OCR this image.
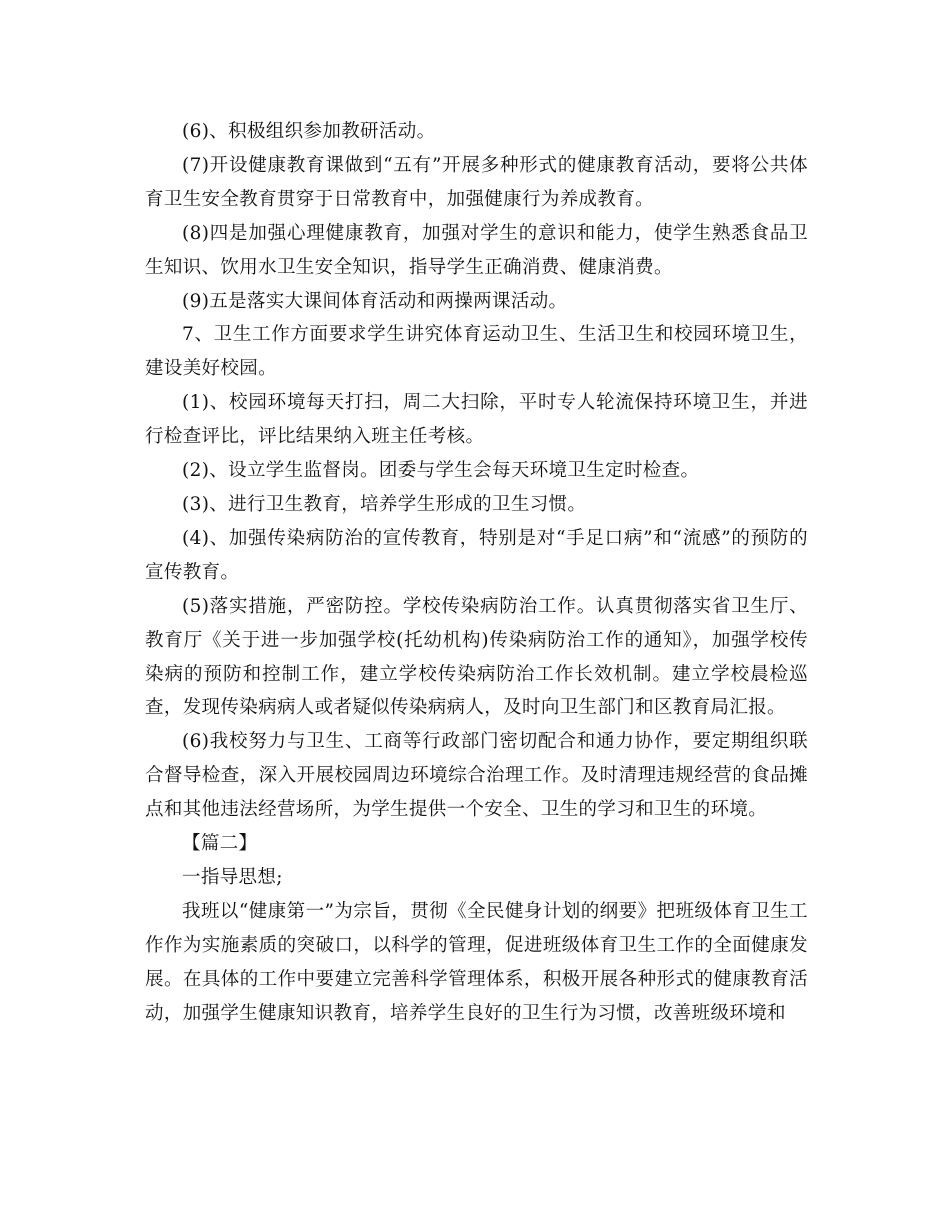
(6)、积极组织参加教研活动。

(7)开设健康教育课做到“五有”开展多种形式的健康教育活动，要将公共体育卫生安全教育贯穿于日常教育中，加强健康行为养成教育。

(8)四是加强心理健康教育，加强对学生的意识和能力，使学生熟悉食品卫生知识、饮用水卫生安全知识，指导学生正确消费、健康消费。

(9)五是落实大课间体育活动和两操两课活动。

7、卫生工作方面要求学生讲究体育运动卫生、生活卫生和校园环境卫生，建设美好校园。

(1)、校园环境每天打扫，周二大扫除，平时专人轮流保持环境卫生，并进行检查评比，评比结果纳入班主任考核。

(2)、设立学生监督岗。团委与学生会每天环境卫生定时检查。

(3)、进行卫生教育，培养学生形成的卫生习惯。

(4)、加强传染病防治的宣传教育，特别是对“手足口病”和“流感”的预防的宣传教育。

(5)落实措施，严密防控。学校传染病防治工作。认真贯彻落实省卫生厅、教育厅《关于进一步加强学校(托幼机构)传染病防治工作的通知》，加强学校传染病的预防和控制工作，建立学校传染病防治工作长效机制。建立学校晨检巡查，发现传染病病人或者疑似传染病病人，及时向卫生部门和区教育局汇报。

(6)我校努力与卫生、工商等行政部门密切配合和通力协作，要定期组织联合督导检查，深入开展校园周边环境综合治理工作。及时清理违规经营的食品摊点和其他违法经营场所，为学生提供一个安全、卫生的学习和卫生的环境。

【篇二】

一指导思想;

我班以“健康第一”为宗旨，贯彻《全民健身计划的纲要》把班级体育卫生工作作为实施素质的突破口，以科学的管理，促进班级体育卫生工作的全面健康发展。在具体的工作中要建立完善科学管理体系，积极开展各种形式的健康教育活动，加强学生健康知识教育，培养学生良好的卫生行为习惯，改善班级环境和
